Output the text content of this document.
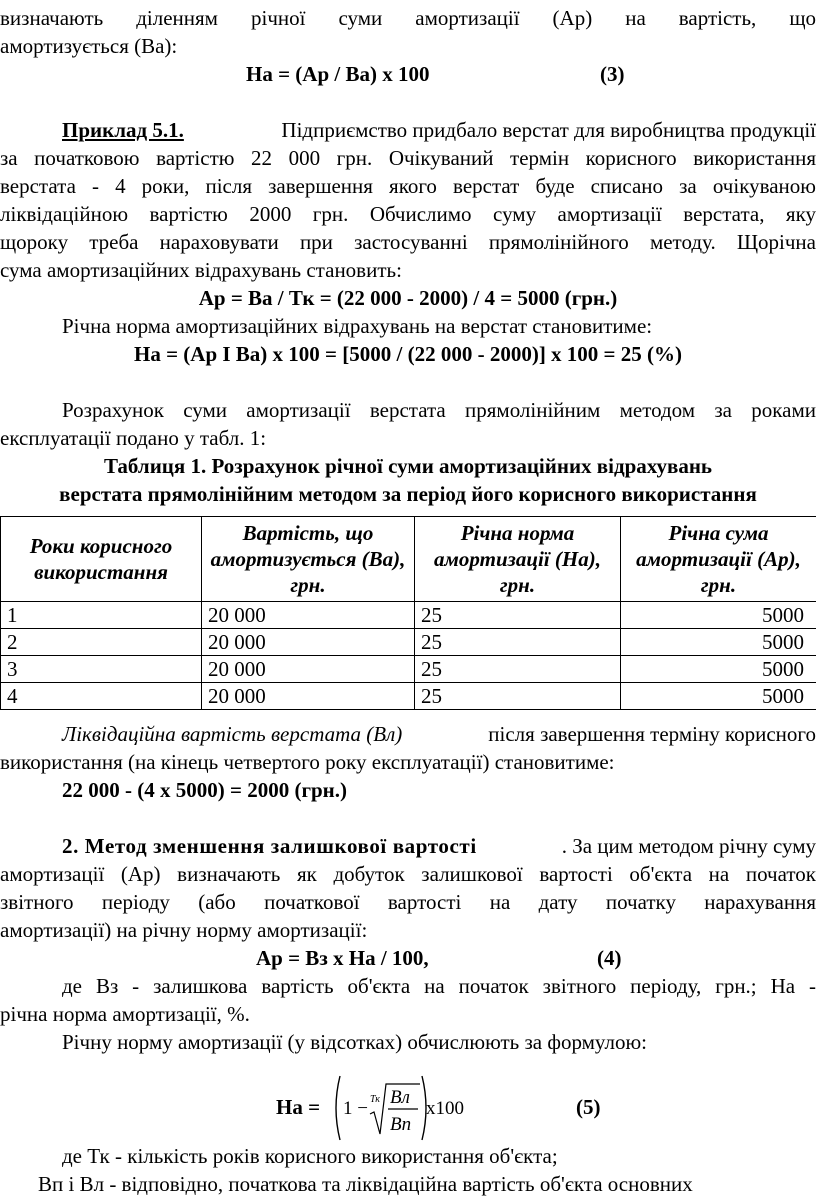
визначають діленням річної суми амортизації (Ар) на вартість, що
амортизується (Ва):
На = (Ар / Ва) х 100	(3)
Приклад 5.1.	Підприємство придбало верстат для виробництва продукції
за початковою вартістю 22 000 грн. Очікуваний термін корисного використання
верстата - 4 роки, після завершення якого верстат буде списано за очікуваною
ліквідаційною вартістю 2000 грн. Обчислимо суму амортизації верстата, яку
щороку треба нараховувати при застосуванні прямолінійного методу. Щорічна
сума амортизаційних відрахувань становить:
Ар = Ва / Тк = (22 000 - 2000) / 4 = 5000 (грн.)
Річна норма амортизаційних відрахувань на верстат становитиме:
На = (Ар І Ва) х 100 = [5000 / (22 000 - 2000)] х 100 = 25 (%)
Розрахунок суми амортизації верстата прямолінійним методом за роками
експлуатації подано у табл. 1:
Таблиця 1. Розрахунок річної суми амортизаційних відрахувань
верстата прямолінійним методом за період його корисного використання
Роки корисного використання	Вартість, що амортизується (Ва), грн.	Річна норма амортизації (На), грн.	Річна сума амортизації (Ар), грн.
1	20 000	25	5000
2	20 000	25	5000
3	20 000	25	5000
4	20 000	25	5000
Ліквідаційна вартість верстата (Вл)	після завершення терміну корисного
використання (на кінець четвертого року експлуатації) становитиме:
22 000 - (4 х 5000) = 2000 (грн.)
2. Метод зменшення залишкової вартості	. За цим методом річну суму
амортизації (Ар) визначають як добуток залишкової вартості об'єкта на початок
звітного періоду (або початкової вартості на дату початку нарахування
амортизації) на річну норму амортизації:
Ар = Вз х На / 100,	(4)
де Вз - залишкова вартість об'єкта на початок звітного періоду, грн.; На -
річна норма амортизації, %.
Річну норму амортизації (у відсотках) обчислюють за формулою:
На = 1 − Тк Вл
Вп
х100	(5)
де Тк - кількість років корисного використання об'єкта;
Вп і Вл - відповідно, початкова та ліквідаційна вартість об'єкта основних
